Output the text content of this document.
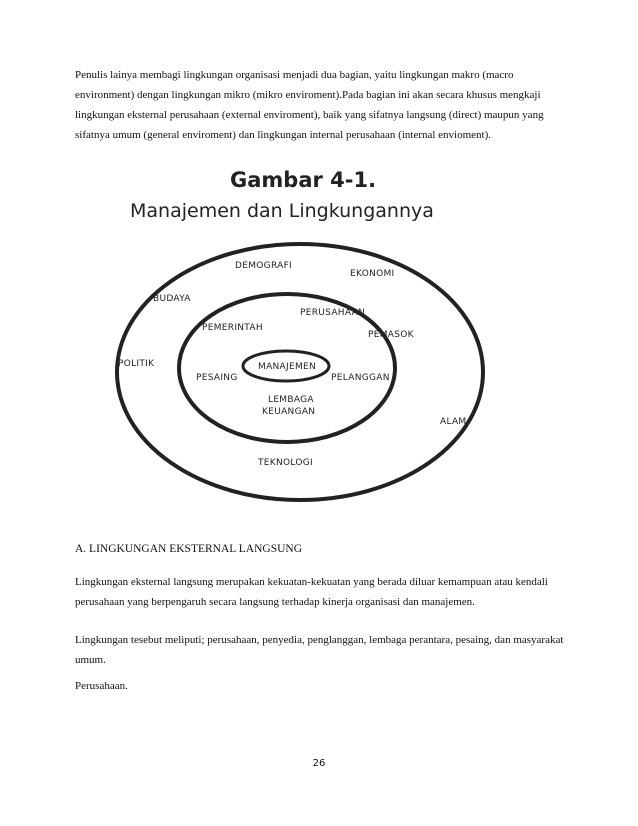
Penulis lainya membagi lingkungan organisasi menjadi dua bagian, yaitu lingkungan makro (macro environment) dengan lingkungan mikro (mikro enviroment).Pada bagian ini akan secara khusus mengkaji lingkungan eksternal perusahaan (external enviroment), baik yang sifatnya langsung (direct) maupun yang sifatnya umum (general enviroment) dan lingkungan internal perusahaan (internal envioment).

Gambar 4-1.

Manajemen dan Lingkungannya

DEMOGRAFI
EKONOMI
BUDAYA
POLITIK
ALAM
TEKNOLOGI
PERUSAHAAN
PEMERINTAH
PEMASOK
PESAING	PELANGGAN
LEMBAGA
KEUANGAN
MANAJEMEN

A. LINGKUNGAN EKSTERNAL LANGSUNG

Lingkungan eksternal langsung merupakan kekuatan-kekuatan yang berada diluar kemampuan atau kendali perusahaan yang berpengaruh secara langsung terhadap kinerja organisasi dan manajemen.

Lingkungan tesebut meliputi; perusahaan, penyedia, penglanggan, lembaga perantara, pesaing, dan masyarakat umum.

Perusahaan.

26
